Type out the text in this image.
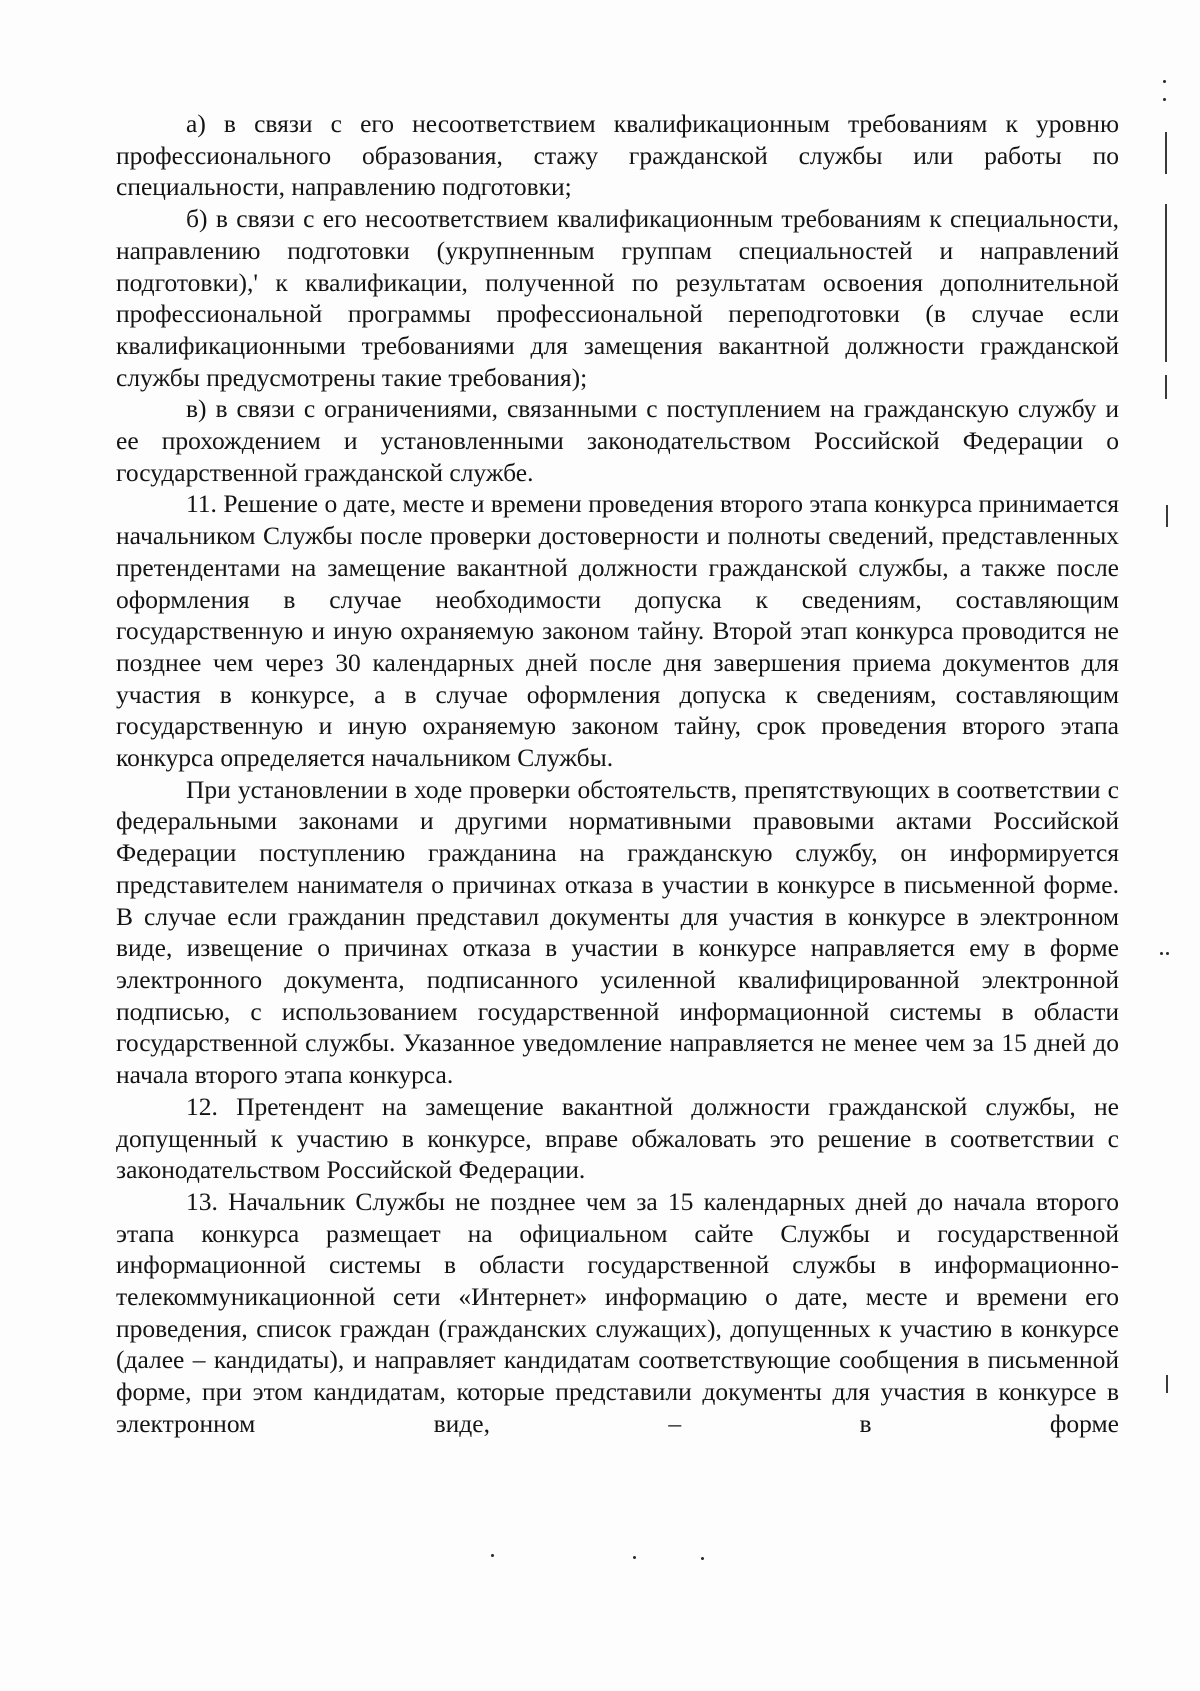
а) в связи с его несоответствием квалификационным требованиям к уровню профессионального образования, стажу гражданской службы или работы по специальности, направлению подготовки;

б) в связи с его несоответствием квалификационным требованиям к специальности, направлению подготовки (укрупненным группам специальностей и направлений подготовки),' к квалификации, полученной по результатам освоения дополнительной профессиональной программы профессиональной переподготовки (в случае если квалификационными требованиями для замещения вакантной должности гражданской службы предусмотрены такие требования);

в) в связи с ограничениями, связанными с поступлением на гражданскую службу и ее прохождением и установленными законодательством Российской Федерации о государственной гражданской службе.

11. Решение о дате, месте и времени проведения второго этапа конкурса принимается начальником Службы после проверки достоверности и полноты сведений, представленных претендентами на замещение вакантной должности гражданской службы, а также после оформления в случае необходимости допуска к сведениям, составляющим государственную и иную охраняемую законом тайну. Второй этап конкурса проводится не позднее чем через 30 календарных дней после дня завершения приема документов для участия в конкурсе, а в случае оформления допуска к сведениям, составляющим государственную и иную охраняемую законом тайну, срок проведения второго этапа конкурса определяется начальником Службы.

При установлении в ходе проверки обстоятельств, препятствующих в соответствии с федеральными законами и другими нормативными правовыми актами Российской Федерации поступлению гражданина на гражданскую службу, он информируется представителем нанимателя о причинах отказа в участии в конкурсе в письменной форме. В случае если гражданин представил документы для участия в конкурсе в электронном виде, извещение о причинах отказа в участии в конкурсе направляется ему в форме электронного документа, подписанного усиленной квалифицированной электронной подписью, с использованием государственной информационной системы в области государственной службы. Указанное уведомление направляется не менее чем за 15 дней до начала второго этапа конкурса.

12. Претендент на замещение вакантной должности гражданской службы, не допущенный к участию в конкурсе, вправе обжаловать это решение в соответствии с законодательством Российской Федерации.

13. Начальник Службы не позднее чем за 15 календарных дней до начала второго этапа конкурса размещает на официальном сайте Службы и государственной информационной системы в области государственной службы в информационно-телекоммуникационной сети «Интернет» информацию о дате, месте и времени его проведения, список граждан (гражданских служащих), допущенных к участию в конкурсе (далее – кандидаты), и направляет кандидатам соответствующие сообщения в письменной форме, при этом кандидатам, которые представили документы для участия в конкурсе в электронном виде, – в форме
